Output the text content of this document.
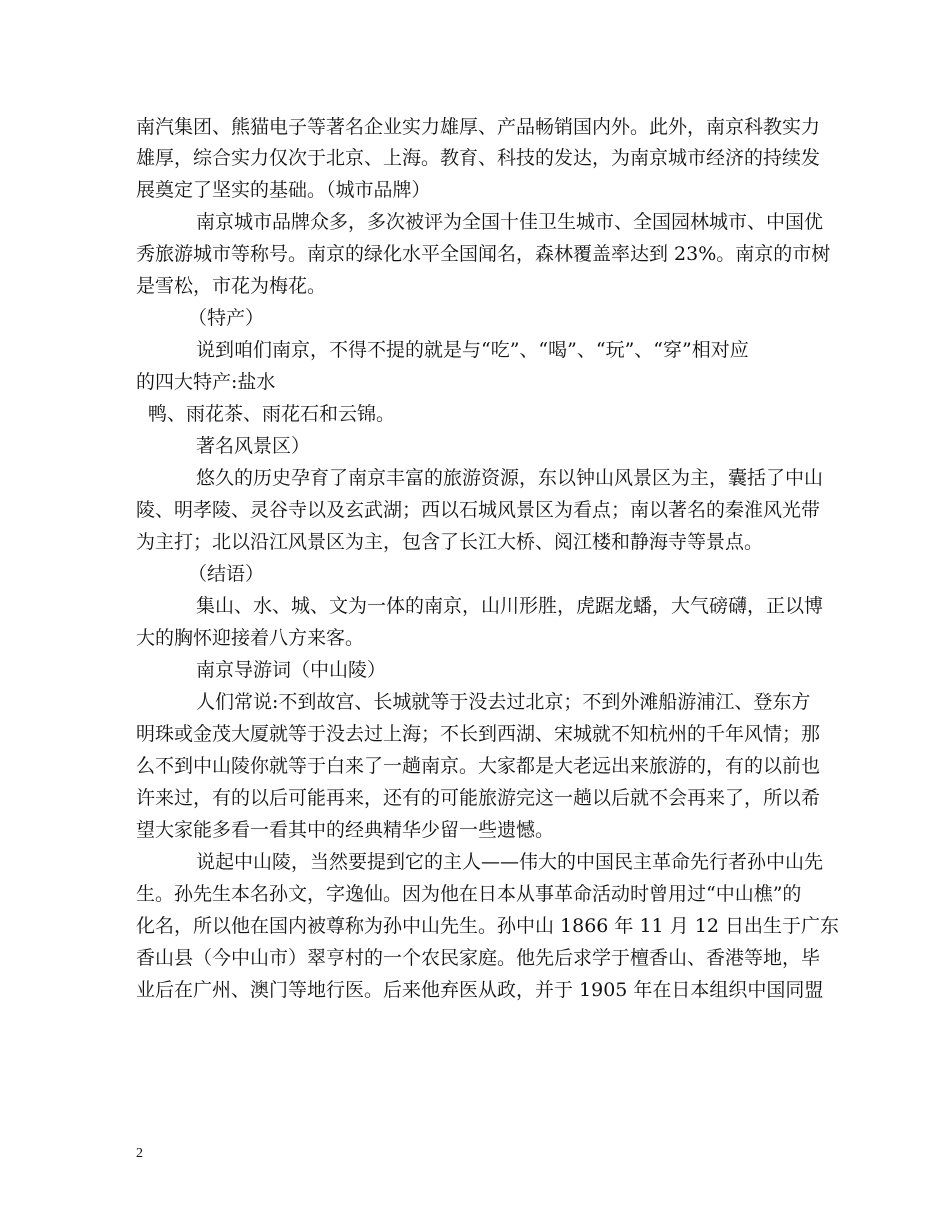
南汽集团、熊猫电子等著名企业实力雄厚、产品畅销国内外。此外，南京科教实力
雄厚，综合实力仅次于北京、上海。教育、科技的发达，为南京城市经济的持续发
展奠定了坚实的基础。（城市品牌）
南京城市品牌众多，多次被评为全国十佳卫生城市、全国园林城市、中国优
秀旅游城市等称号。南京的绿化水平全国闻名，森林覆盖率达到 23%。南京的市树
是雪松，市花为梅花。
（特产）
说到咱们南京，不得不提的就是与“吃”、“喝”、“玩”、“穿”相对应
的四大特产:盐水
鸭、雨花茶、雨花石和云锦。
著名风景区）
悠久的历史孕育了南京丰富的旅游资源，东以钟山风景区为主，囊括了中山
陵、明孝陵、灵谷寺以及玄武湖；西以石城风景区为看点；南以著名的秦淮风光带
为主打；北以沿江风景区为主，包含了长江大桥、阅江楼和静海寺等景点。
（结语）
集山、水、城、文为一体的南京，山川形胜，虎踞龙蟠，大气磅礴，正以博
大的胸怀迎接着八方来客。
南京导游词（中山陵）
人们常说:不到故宫、长城就等于没去过北京；不到外滩船游浦江、登东方
明珠或金茂大厦就等于没去过上海；不长到西湖、宋城就不知杭州的千年风情；那
么不到中山陵你就等于白来了一趟南京。大家都是大老远出来旅游的，有的以前也
许来过，有的以后可能再来，还有的可能旅游完这一趟以后就不会再来了，所以希
望大家能多看一看其中的经典精华少留一些遗憾。
说起中山陵，当然要提到它的主人——伟大的中国民主革命先行者孙中山先
生。孙先生本名孙文，字逸仙。因为他在日本从事革命活动时曾用过“中山樵”的
化名，所以他在国内被尊称为孙中山先生。孙中山 1866 年 11 月 12 日出生于广东
香山县（今中山市）翠亨村的一个农民家庭。他先后求学于檀香山、香港等地，毕
业后在广州、澳门等地行医。后来他弃医从政，并于 1905 年在日本组织中国同盟
2
